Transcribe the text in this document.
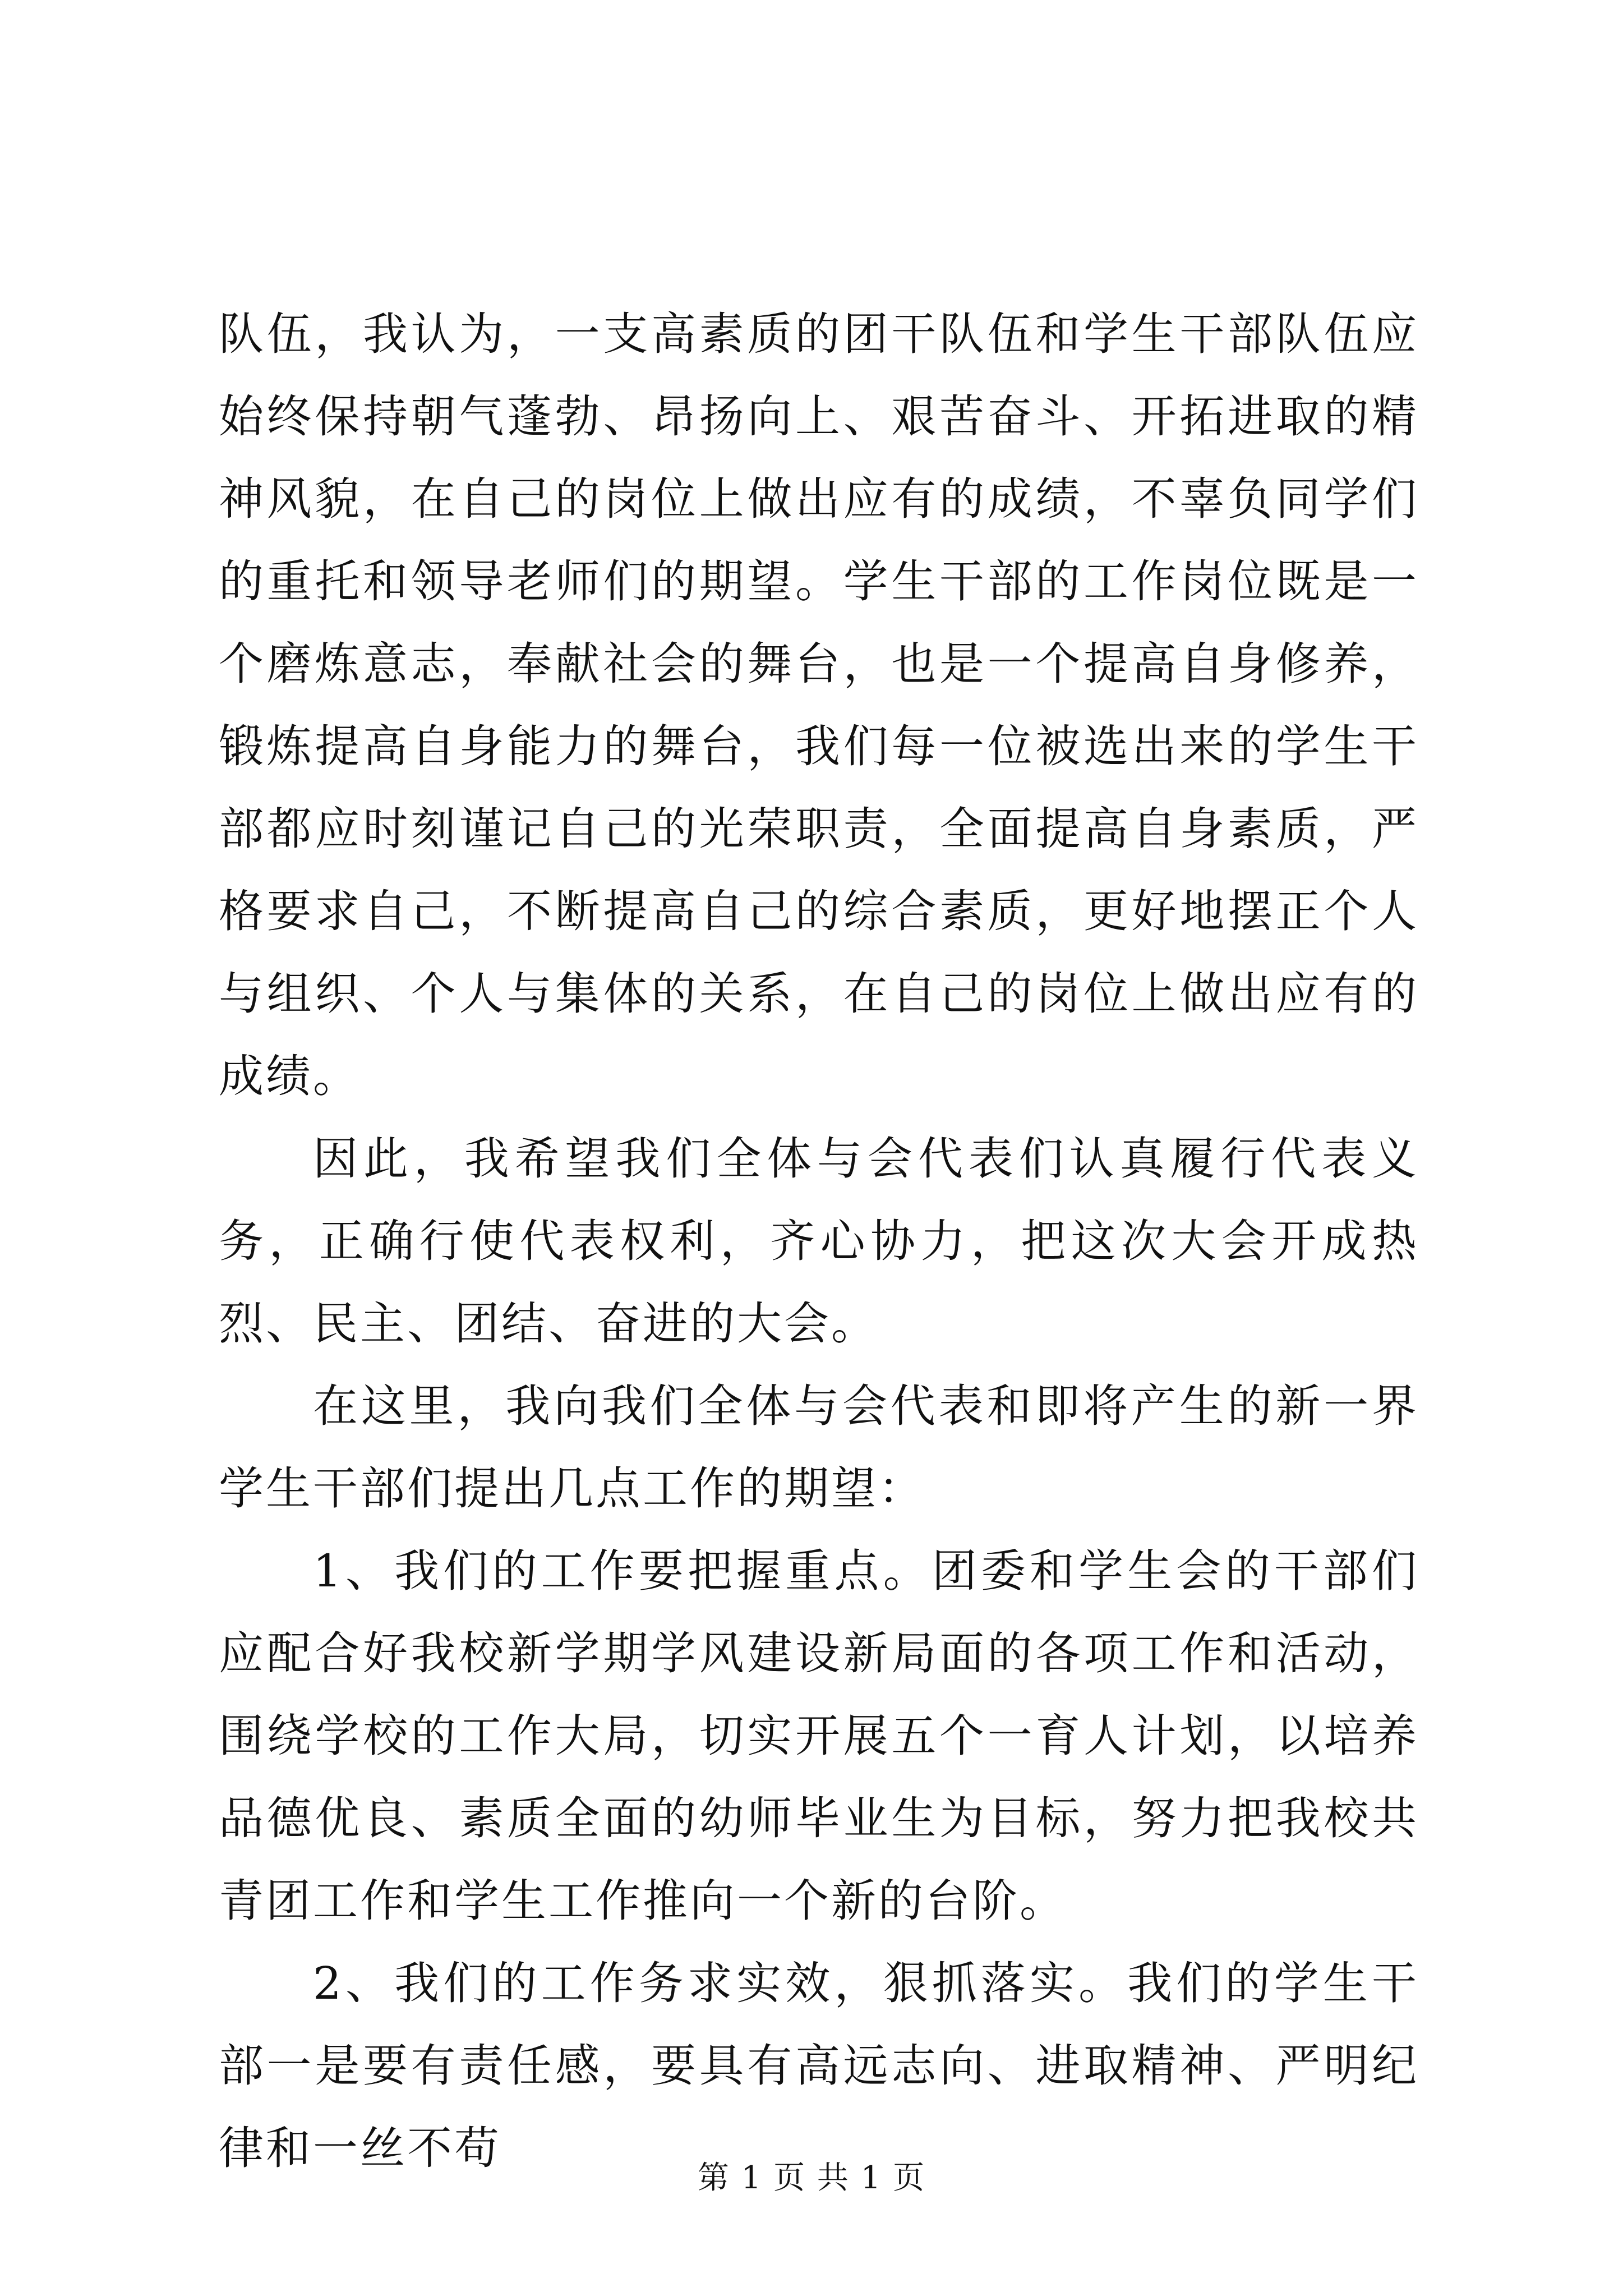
队伍，我认为，一支高素质的团干队伍和学生干部队伍应始终保持朝气蓬勃、昂扬向上、艰苦奋斗、开拓进取的精神风貌，在自己的岗位上做出应有的成绩，不辜负同学们的重托和领导老师们的期望。学生干部的工作岗位既是一个磨炼意志，奉献社会的舞台，也是一个提高自身修养，锻炼提高自身能力的舞台，我们每一位被选出来的学生干部都应时刻谨记自己的光荣职责，全面提高自身素质，严格要求自己，不断提高自己的综合素质，更好地摆正个人与组织、个人与集体的关系，在自己的岗位上做出应有的成绩。

因此，我希望我们全体与会代表们认真履行代表义务，正确行使代表权利，齐心协力，把这次大会开成热烈、民主、团结、奋进的大会。

在这里，我向我们全体与会代表和即将产生的新一界学生干部们提出几点工作的期望：

1、我们的工作要把握重点。团委和学生会的干部们应配合好我校新学期学风建设新局面的各项工作和活动，围绕学校的工作大局，切实开展五个一育人计划，以培养品德优良、素质全面的幼师毕业生为目标，努力把我校共青团工作和学生工作推向一个新的台阶。

2、我们的工作务求实效，狠抓落实。我们的学生干部一是要有责任感，要具有高远志向、进取精神、严明纪律和一丝不苟

第 1 页 共 1 页
